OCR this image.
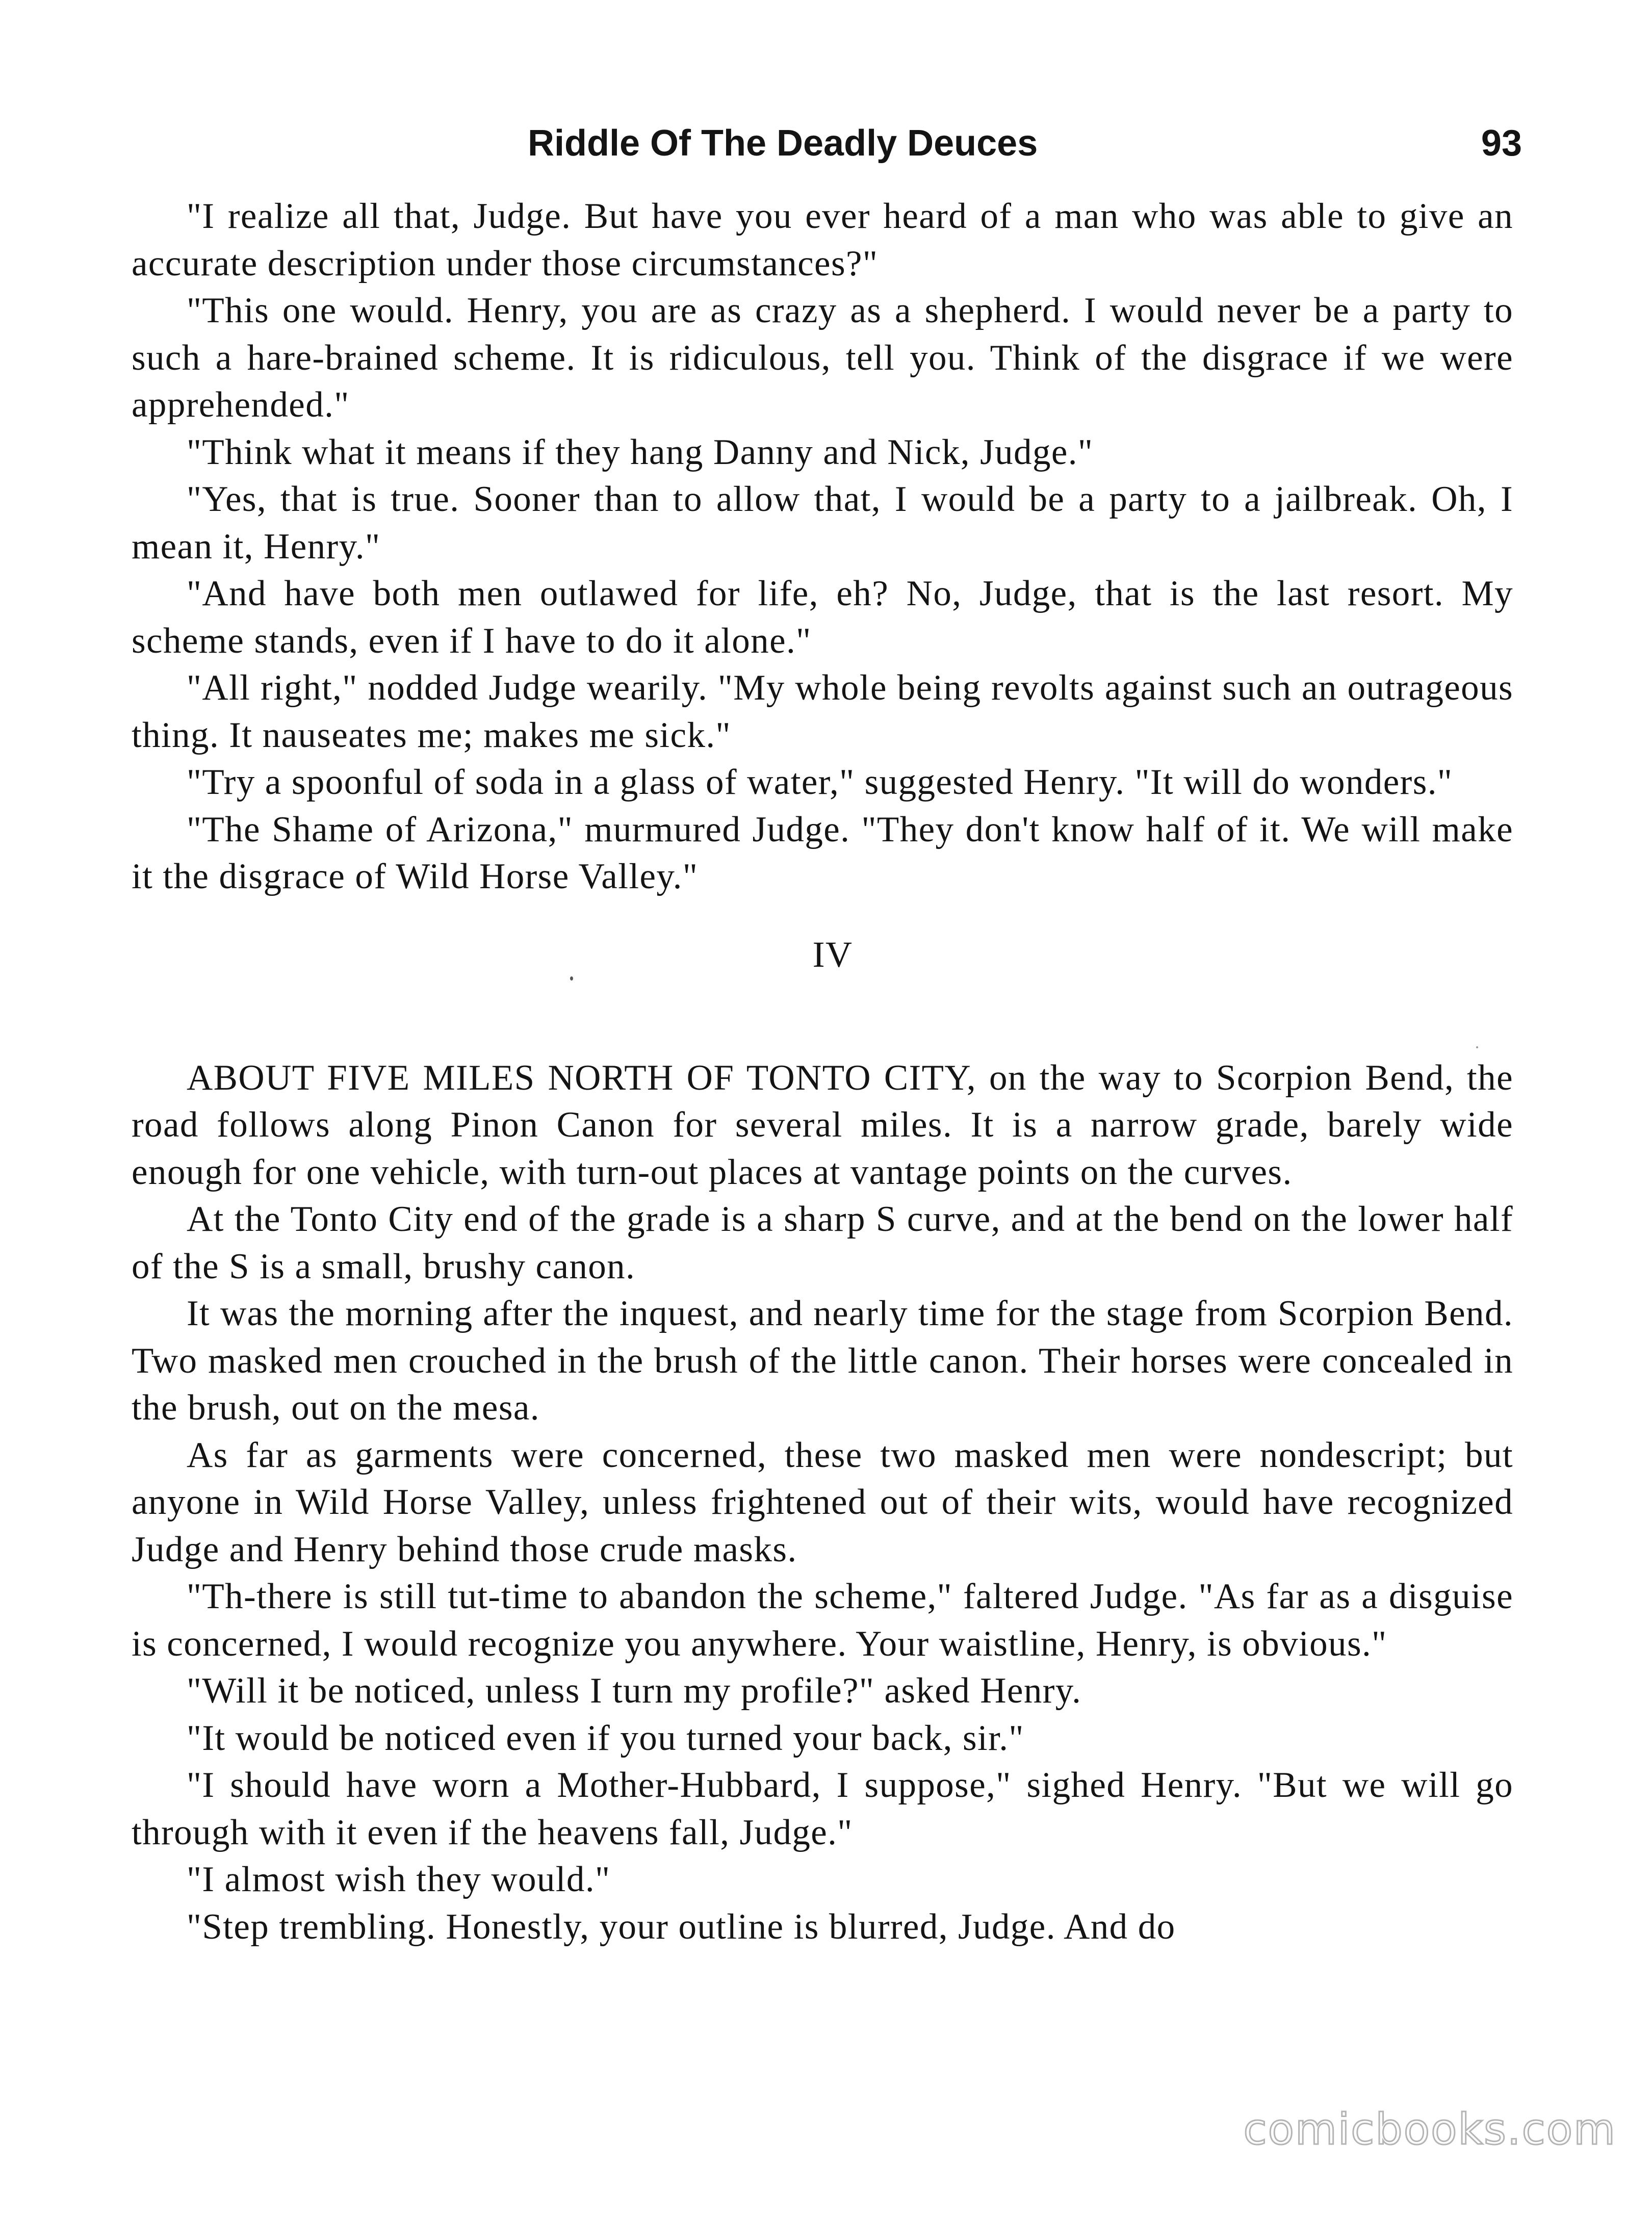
Riddle Of The Deadly Deuces	93

"I realize all that, Judge. But have you ever heard of a man who was able to give an accurate description under those circumstances?"

"This one would. Henry, you are as crazy as a shepherd. I would never be a party to such a hare-brained scheme. It is ridiculous, tell you. Think of the disgrace if we were apprehended."

"Think what it means if they hang Danny and Nick, Judge."

"Yes, that is true. Sooner than to allow that, I would be a party to a jailbreak. Oh, I mean it, Henry."

"And have both men outlawed for life, eh? No, Judge, that is the last resort. My scheme stands, even if I have to do it alone."

"All right," nodded Judge wearily. "My whole being revolts against such an outrageous thing. It nauseates me; makes me sick."

"Try a spoonful of soda in a glass of water," suggested Henry. "It will do wonders."

"The Shame of Arizona," murmured Judge. "They don't know half of it. We will make it the disgrace of Wild Horse Valley."

IV

ABOUT FIVE MILES NORTH OF TONTO CITY, on the way to Scorpion Bend, the road follows along Pinon Canon for several miles. It is a narrow grade, barely wide enough for one vehicle, with turn-out places at vantage points on the curves.

At the Tonto City end of the grade is a sharp S curve, and at the bend on the lower half of the S is a small, brushy canon.

It was the morning after the inquest, and nearly time for the stage from Scorpion Bend. Two masked men crouched in the brush of the little canon. Their horses were concealed in the brush, out on the mesa.

As far as garments were concerned, these two masked men were nondescript; but anyone in Wild Horse Valley, unless frightened out of their wits, would have recognized Judge and Henry behind those crude masks.

"Th-there is still tut-time to abandon the scheme," faltered Judge. "As far as a disguise is concerned, I would recognize you anywhere. Your waistline, Henry, is obvious."

"Will it be noticed, unless I turn my profile?" asked Henry.

"It would be noticed even if you turned your back, sir."

"I should have worn a Mother-Hubbard, I suppose," sighed Henry. "But we will go through with it even if the heavens fall, Judge."

"I almost wish they would."

"Step trembling. Honestly, your outline is blurred, Judge. And do

comicbooks.com
